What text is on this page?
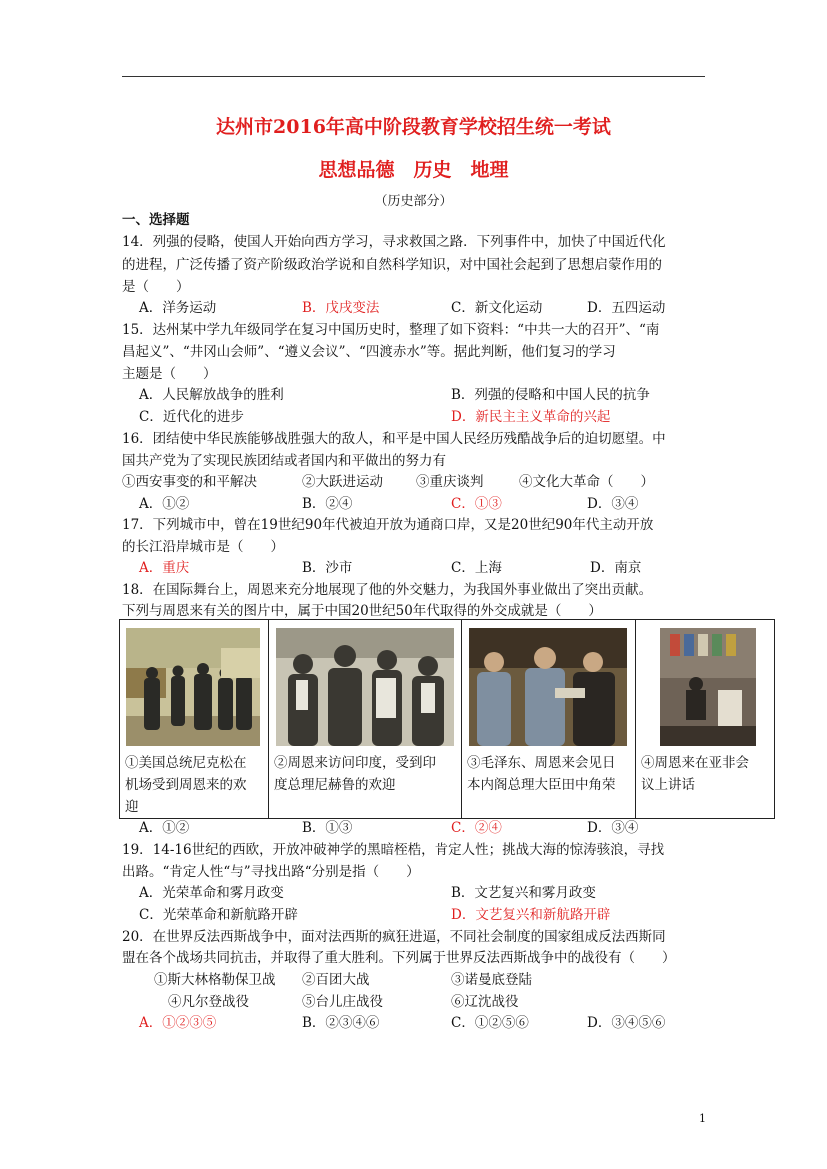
达州市2016年高中阶段教育学校招生统一考试
思想品德　历史　地理
（历史部分）
一、选择题
14．列强的侵略，使国人开始向西方学习，寻求救国之路．下列事件中，加快了中国近代化
的进程，广泛传播了资产阶级政治学说和自然科学知识，对中国社会起到了思想启蒙作用的
是（　　）
A．洋务运动	B．戊戌变法	C．新文化运动	D．五四运动
15．达州某中学九年级同学在复习中国历史时，整理了如下资料：“中共一大的召开”、“南
昌起义”、“井冈山会师”、“遵义会议”、“四渡赤水”等。据此判断，他们复习的学习
主题是（　　）
A．人民解放战争的胜利	B．列强的侵略和中国人民的抗争
C．近代化的进步	D．新民主主义革命的兴起
16．团结使中华民族能够战胜强大的敌人，和平是中国人民经历残酷战争后的迫切愿望。中
国共产党为了实现民族团结或者国内和平做出的努力有
①西安事变的和平解决	②大跃进运动 ③重庆谈判	④文化大革命（　　）
A．①②	B．②④	C．①③	D．③④
17．下列城市中，曾在19世纪90年代被迫开放为通商口岸，又是20世纪90年代主动开放
的长江沿岸城市是（　　）
A．重庆	B．沙市	C．上海	D．南京
18．在国际舞台上，周恩来充分地展现了他的外交魅力，为我国外事业做出了突出贡献。
下列与周恩来有关的图片中，属于中国20世纪50年代取得的外交成就是（　　）
①美国总统尼克松在
机场受到周恩来的欢
迎
②周恩来访问印度，受到印
度总理尼赫鲁的欢迎
③毛泽东、周恩来会见日
本内阁总理大臣田中角荣
④周恩来在亚非会
议上讲话
A．①②	B．①③	C．②④	D．③④
19．14-16世纪的西欧，开放冲破神学的黑暗桎梏，肯定人性；挑战大海的惊涛骇浪，寻找
出路。“肯定人性“与”寻找出路“分别是指（　　）
A．光荣革命和雾月政变	B．文艺复兴和雾月政变
C．光荣革命和新航路开辟	D．文艺复兴和新航路开辟
20．在世界反法西斯战争中，面对法西斯的疯狂进逼，不同社会制度的国家组成反法西斯同
盟在各个战场共同抗击，并取得了重大胜利。下列属于世界反法西斯战争中的战役有（　　）
①斯大林格勒保卫战 ②百团大战	③诺曼底登陆
④凡尔登战役	⑤台儿庄战役	⑥辽沈战役
A．①②③⑤	B．②③④⑥	C．①②⑤⑥	D．③④⑤⑥
1
